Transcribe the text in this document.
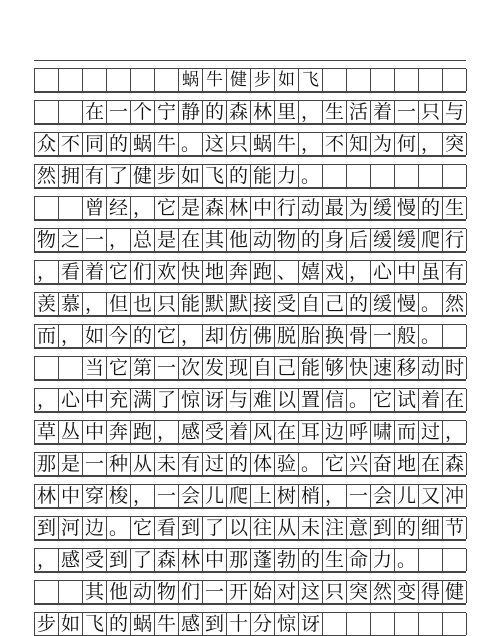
蜗 牛 健 步 如 飞
在 一 个 宁 静 的 森 林 里 ， 生 活 着 一 只 与
众 不 同 的 蜗 牛 。 这 只 蜗 牛 ， 不 知 为 何 ， 突
然 拥 有 了 健 步 如 飞 的 能 力 。
曾 经 ， 它 是 森 林 中 行 动 最 为 缓 慢 的 生
物 之 一 ， 总 是 在 其 他 动 物 的 身 后 缓 缓 爬 行
， 看 着 它 们 欢 快 地 奔 跑 、 嬉 戏 ， 心 中 虽 有
羡 慕 ， 但 也 只 能 默 默 接 受 自 己 的 缓 慢 。 然
而 ， 如 今 的 它 ， 却 仿 佛 脱 胎 换 骨 一 般 。
当 它 第 一 次 发 现 自 己 能 够 快 速 移 动 时
， 心 中 充 满 了 惊 讶 与 难 以 置 信 。 它 试 着 在
草 丛 中 奔 跑 ， 感 受 着 风 在 耳 边 呼 啸 而 过 ，
那 是 一 种 从 未 有 过 的 体 验 。 它 兴 奋 地 在 森
林 中 穿 梭 ， 一 会 儿 爬 上 树 梢 ， 一 会 儿 又 冲
到 河 边 。 它 看 到 了 以 往 从 未 注 意 到 的 细 节
， 感 受 到 了 森 林 中 那 蓬 勃 的 生 命 力 。
其 他 动 物 们 一 开 始 对 这 只 突 然 变 得 健
步 如 飞 的 蜗 牛 感 到 十 分 惊 讶
